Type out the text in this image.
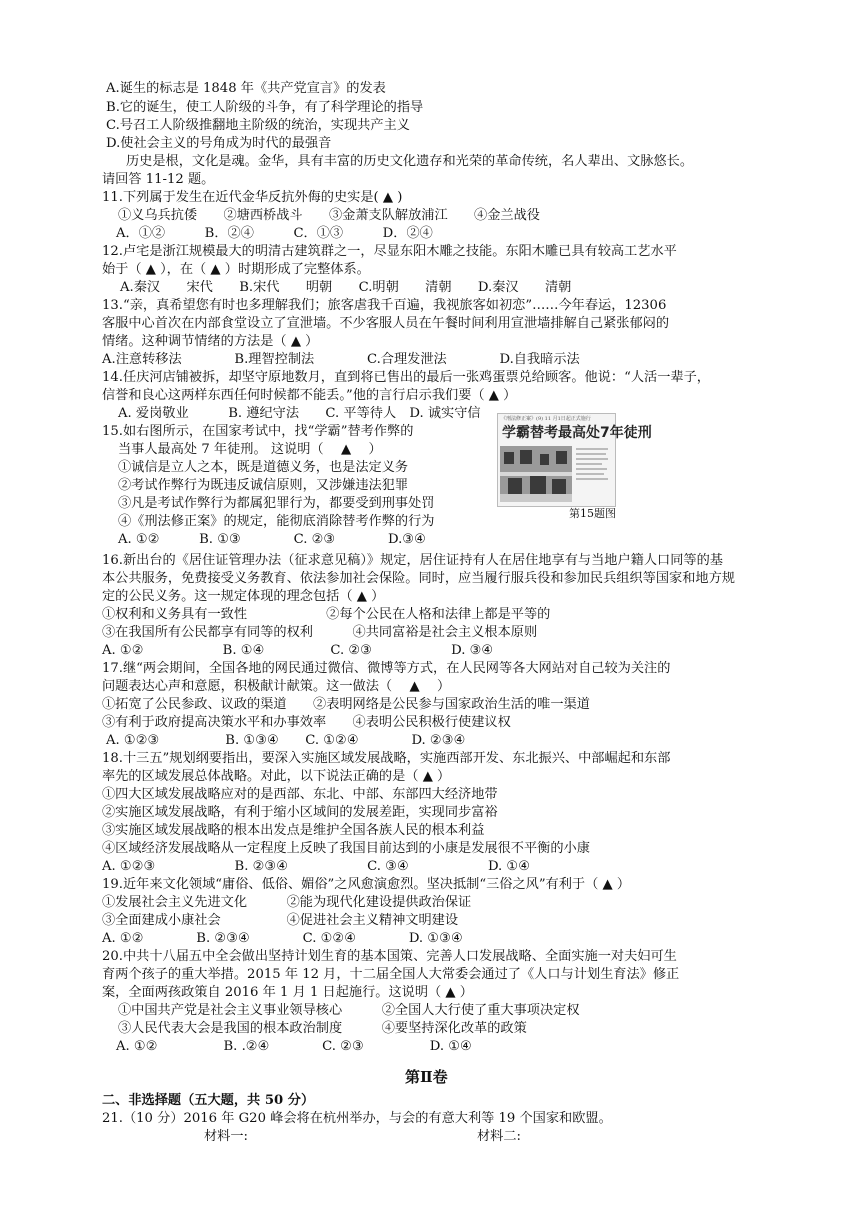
A.诞生的标志是 1848 年《共产党宣言》的发表
B.它的诞生，使工人阶级的斗争，有了科学理论的指导
C.号召工人阶级推翻地主阶级的统治，实现共产主义
D.使社会主义的号角成为时代的最强音
历史是根，文化是魂。金华，具有丰富的历史文化遗存和光荣的革命传统，名人辈出、文脉悠长。
请回答 11-12 题。
11.下列属于发生在近代金华反抗外侮的史实是( ▲ )
①义乌兵抗倭　　②塘西桥战斗　　③金萧支队解放浦江　　④金兰战役
A．①②　　　B．②④　　　C．①③　　　D．②④
12.卢宅是浙江规模最大的明清古建筑群之一，尽显东阳木雕之技能。东阳木雕已具有较高工艺水平
始于（ ▲ ），在（ ▲ ）时期形成了完整体系。
A.秦汉　　宋代　　B.宋代　　明朝　　C.明朝　　清朝　　D.秦汉　　清朝
13.“亲，真希望您有时也多理解我们；旅客虐我千百遍，我视旅客如初恋”……今年春运，12306
客服中心首次在内部食堂设立了宣泄墙。不少客服人员在午餐时间利用宣泄墙排解自己紧张郁闷的
情绪。这种调节情绪的方法是（ ▲ ）
A.注意转移法　　　　B.理智控制法　　　　C.合理发泄法　　　　D.自我暗示法
14.任庆河店铺被拆，却坚守原地数月，直到将已售出的最后一张鸡蛋票兑给顾客。他说：“人活一辈子，
信誉和良心这两样东西任何时候都不能丢。”他的言行启示我们要（ ▲ ）
A. 爱岗敬业　　　B. 遵纪守法　　C. 平等待人　D. 诚实守信
15.如右图所示，在国家考试中，找“学霸”替考作弊的
当事人最高处 7 年徒刑。 这说明（　 ▲　 ）
①诚信是立人之本，既是道德义务，也是法定义务
②考试作弊行为既违反诚信原则，又涉嫌违法犯罪
③凡是考试作弊行为都属犯罪行为，都要受到刑事处罚
④《刑法修正案》的规定，能彻底消除替考作弊的行为
A. ①②　　　B. ①③　　　　C. ②③　　　　D.③④
《刑法修正案》(9) 11 月1日起正式施行
学霸替考最高处7年徒刑
第15题图
16.新出台的《居住证管理办法（征求意见稿）》规定，居住证持有人在居住地享有与当地户籍人口同等的基
本公共服务，免费接受义务教育、依法参加社会保险。同时，应当履行服兵役和参加民兵组织等国家和地方规
定的公民义务。这一规定体现的理念包括（ ▲ ）
①权利和义务具有一致性　　　　　　②每个公民在人格和法律上都是平等的
③在我国所有公民都享有同等的权利　　　④共同富裕是社会主义根本原则
A. ①②　　　　　　B. ①④　　　　　C. ②③　　　　　　D. ③④
17.继“两会期间，全国各地的网民通过微信、微博等方式，在人民网等各大网站对自己较为关注的
问题表达心声和意愿，积极献计献策。这一做法（　 ▲　 ）
①拓宽了公民参政、议政的渠道　　②表明网络是公民参与国家政治生活的唯一渠道
③有利于政府提高决策水平和办事效率　　④表明公民积极行使建议权
A. ①②③　　　　　B. ①③④　　C. ①②④　　　　D. ②③④
18.十三五”规划纲要指出，要深入实施区域发展战略，实施西部开发、东北振兴、中部崛起和东部
率先的区域发展总体战略。对此，以下说法正确的是（ ▲ ）
①四大区域发展战略应对的是西部、东北、中部、东部四大经济地带
②实施区域发展战略，有利于缩小区域间的发展差距，实现同步富裕
③实施区域发展战略的根本出发点是维护全国各族人民的根本利益
④区域经济发展战略从一定程度上反映了我国目前达到的小康是发展很不平衡的小康
A. ①②③　　　　　　B. ②③④　　　　　　C. ③④　　　　　　D. ①④
19.近年来文化领域“庸俗、低俗、媚俗”之风愈演愈烈。坚决抵制“三俗之风”有利于（ ▲ ）
①发展社会主义先进文化　　　②能为现代化建设提供政治保证
③全面建成小康社会　　　　　④促进社会主义精神文明建设
A. ①②　　　　B. ②③④　　　　C. ①②④　　　　D. ①③④
20.中共十八届五中全会做出坚持计划生育的基本国策、完善人口发展战略、全面实施一对夫妇可生
育两个孩子的重大举措。2015 年 12 月，十二届全国人大常委会通过了《人口与计划生育法》修正
案，全面两孩政策自 2016 年 1 月 1 日起施行。这说明（ ▲ ）
①中国共产党是社会主义事业领导核心　　　②全国人大行使了重大事项决定权
③人民代表大会是我国的根本政治制度　　　④要坚持深化改革的政策
A. ①②　　　　　B. .②④　　　　C. ②③　　　　　D. ①④
第Ⅱ卷
二、非选择题（五大题，共 50 分）
21.（10 分）2016 年 G20 峰会将在杭州举办，与会的有意大利等 19 个国家和欧盟。
材料一:	材料二:
